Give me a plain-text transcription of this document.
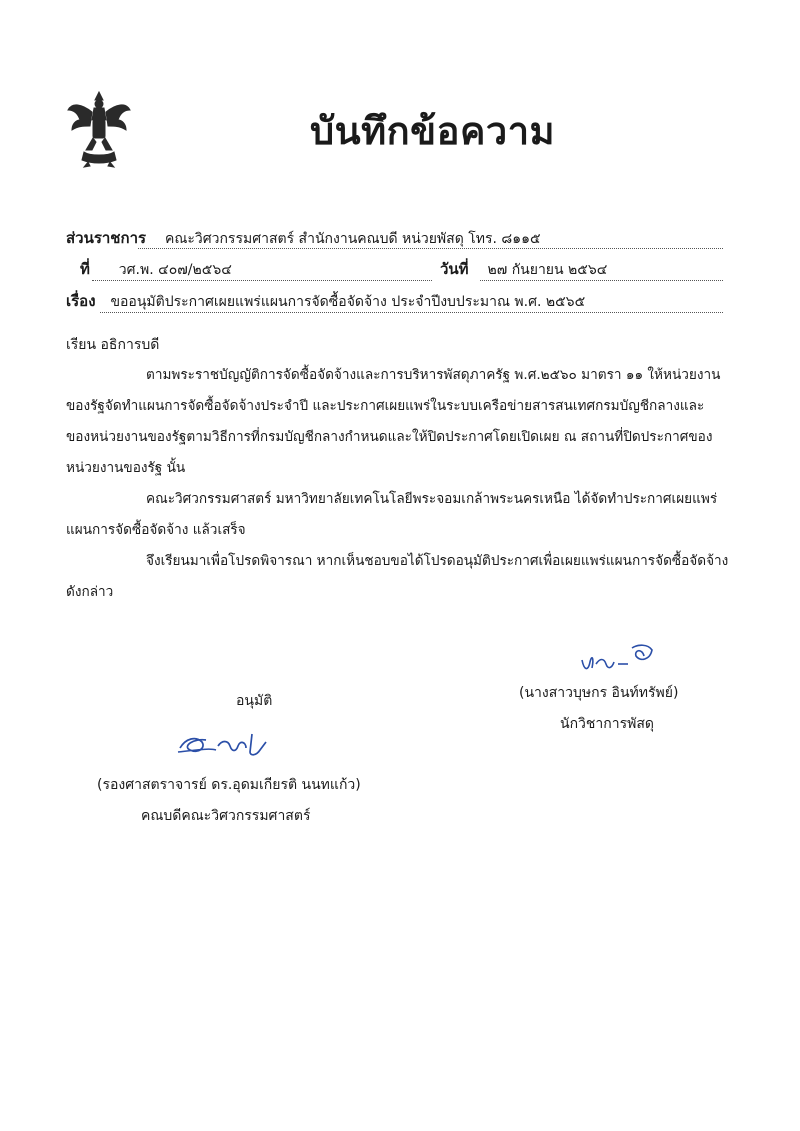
บันทึกข้อความ
ส่วนราชการ คณะวิศวกรรมศาสตร์ สำนักงานคณบดี หน่วยพัสดุ โทร. ๘๑๑๕
ที่ วศ.พ. ๔๐๗/๒๕๖๔	วันที่ ๒๗ กันยายน ๒๕๖๔
เรื่อง ขออนุมัติประกาศเผยแพร่แผนการจัดซื้อจัดจ้าง ประจำปีงบประมาณ พ.ศ. ๒๕๖๕
เรียน อธิการบดี
ตามพระราชบัญญัติการจัดซื้อจัดจ้างและการบริหารพัสดุภาครัฐ พ.ศ.๒๕๖๐ มาตรา ๑๑ ให้หน่วยงาน
ของรัฐจัดทำแผนการจัดซื้อจัดจ้างประจำปี และประกาศเผยแพร่ในระบบเครือข่ายสารสนเทศกรมบัญชีกลางและ
ของหน่วยงานของรัฐตามวิธีการที่กรมบัญชีกลางกำหนดและให้ปิดประกาศโดยเปิดเผย ณ สถานที่ปิดประกาศของ
หน่วยงานของรัฐ นั้น
คณะวิศวกรรมศาสตร์ มหาวิทยาลัยเทคโนโลยีพระจอมเกล้าพระนครเหนือ ได้จัดทำประกาศเผยแพร่
แผนการจัดซื้อจัดจ้าง แล้วเสร็จ
จึงเรียนมาเพื่อโปรดพิจารณา หากเห็นชอบขอได้โปรดอนุมัติประกาศเพื่อเผยแพร่แผนการจัดซื้อจัดจ้าง
ดังกล่าว
(นางสาวบุษกร อินท์ทรัพย์)
นักวิชาการพัสดุ
อนุมัติ
(รองศาสตราจารย์ ดร.อุดมเกียรติ นนทแก้ว)
คณบดีคณะวิศวกรรมศาสตร์
